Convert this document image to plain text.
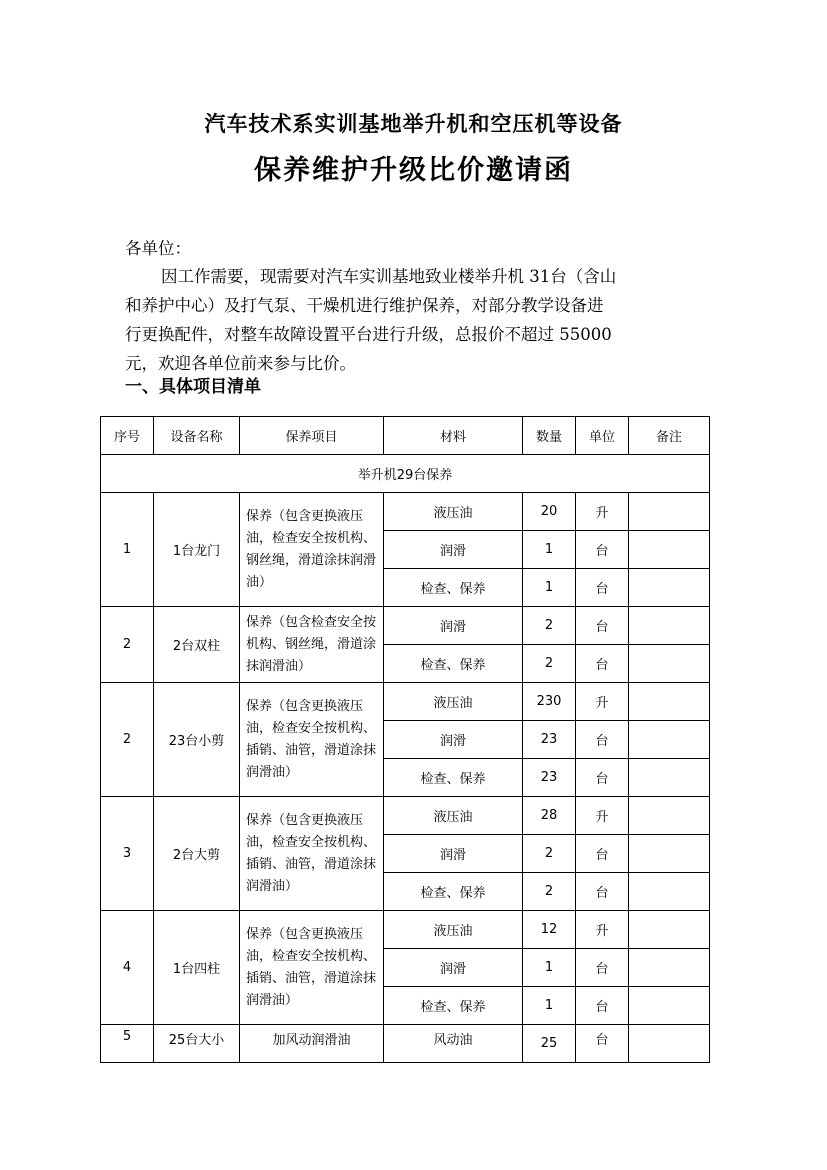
汽车技术系实训基地举升机和空压机等设备
保养维护升级比价邀请函
各单位：
因工作需要，现需要对汽车实训基地致业楼举升机 31台（含山
和养护中心）及打气泵、干燥机进行维护保养，对部分教学设备进
行更换配件，对整车故障设置平台进行升级，总报价不超过 55000
元，欢迎各单位前来参与比价。
一、具体项目清单
序号	设备名称	保养项目	材料	数量	单位	备注
举升机29台保养						
1	1台龙门	保养（包含更换液压油，检查安全按机构、钢丝绳，滑道涂抹润滑油）	液压油	20	升	
			润滑	1	台	
			检查、保养	1	台	
2	2台双柱	保养（包含检查安全按机构、钢丝绳，滑道涂抹润滑油）	润滑	2	台	
			检查、保养	2	台	
2	23台小剪	保养（包含更换液压油，检查安全按机构、插销、油管，滑道涂抹润滑油）	液压油	230	升	
			润滑	23	台	
			检查、保养	23	台	
3	2台大剪	保养（包含更换液压油，检查安全按机构、插销、油管，滑道涂抹润滑油）	液压油	28	升	
			润滑	2	台	
			检查、保养	2	台	
4	1台四柱	保养（包含更换液压油，检查安全按机构、插销、油管，滑道涂抹润滑油）	液压油	12	升	
			润滑	1	台	
			检查、保养	1	台	
5	25台大小	加风动润滑油	风动油	25	台	
